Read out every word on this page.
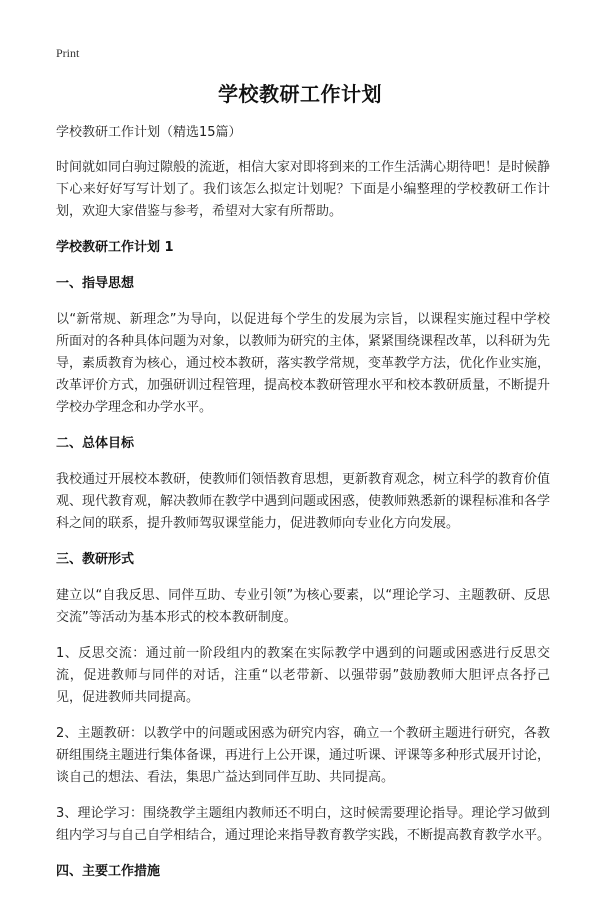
Print
学校教研工作计划

学校教研工作计划（精选15篇）

时间就如同白驹过隙般的流逝，相信大家对即将到来的工作生活满心期待吧！是时候静下心来好好写写计划了。我们该怎么拟定计划呢？下面是小编整理的学校教研工作计划，欢迎大家借鉴与参考，希望对大家有所帮助。

学校教研工作计划 1

一、指导思想

以“新常规、新理念”为导向，以促进每个学生的发展为宗旨，以课程实施过程中学校所面对的各种具体问题为对象，以教师为研究的主体，紧紧围绕课程改革，以科研为先导，素质教育为核心，通过校本教研，落实教学常规，变革教学方法，优化作业实施，改革评价方式，加强研训过程管理，提高校本教研管理水平和校本教研质量，不断提升学校办学理念和办学水平。

二、总体目标

我校通过开展校本教研，使教师们领悟教育思想，更新教育观念，树立科学的教育价值观、现代教育观，解决教师在教学中遇到问题或困惑，使教师熟悉新的课程标准和各学科之间的联系，提升教师驾驭课堂能力，促进教师向专业化方向发展。

三、教研形式

建立以“自我反思、同伴互助、专业引领”为核心要素，以“理论学习、主题教研、反思交流”等活动为基本形式的校本教研制度。

1、反思交流：通过前一阶段组内的教案在实际教学中遇到的问题或困惑进行反思交流，促进教师与同伴的对话，注重“以老带新、以强带弱”鼓励教师大胆评点各抒己见，促进教师共同提高。

2、主题教研：以教学中的问题或困惑为研究内容，确立一个教研主题进行研究，各教研组围绕主题进行集体备课，再进行上公开课，通过听课、评课等多种形式展开讨论，谈自己的想法、看法，集思广益达到同伴互助、共同提高。

3、理论学习：围绕教学主题组内教师还不明白，这时候需要理论指导。理论学习做到组内学习与自己自学相结合，通过理论来指导教育教学实践，不断提高教育教学水平。

四、主要工作措施
